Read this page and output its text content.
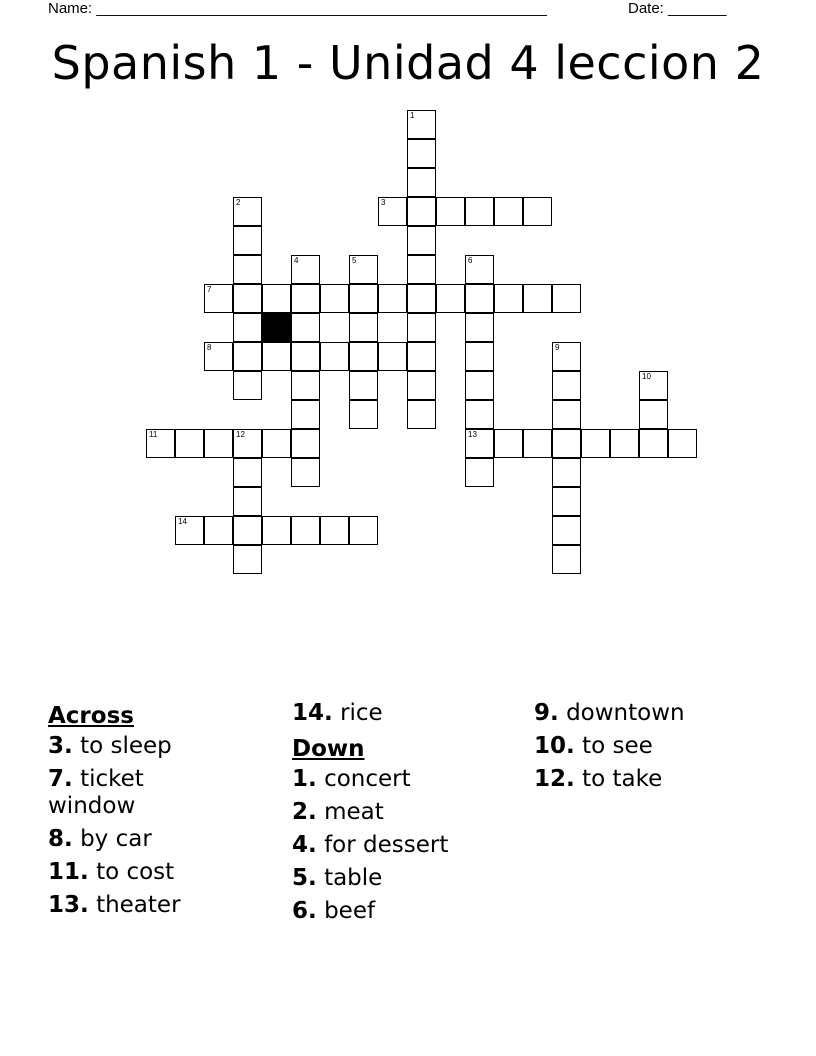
Name: ______________________________________________________	Date: _______
Spanish 1 - Unidad 4 leccion 2
1
2	3
4	5	6
13
7
8	9
10
11	12
14
Across
3. to sleep
7. ticket window
8. by car
11. to cost
13. theater
14. rice
Down
1. concert
2. meat
4. for dessert
5. table
6. beef
9. downtown
10. to see
12. to take
